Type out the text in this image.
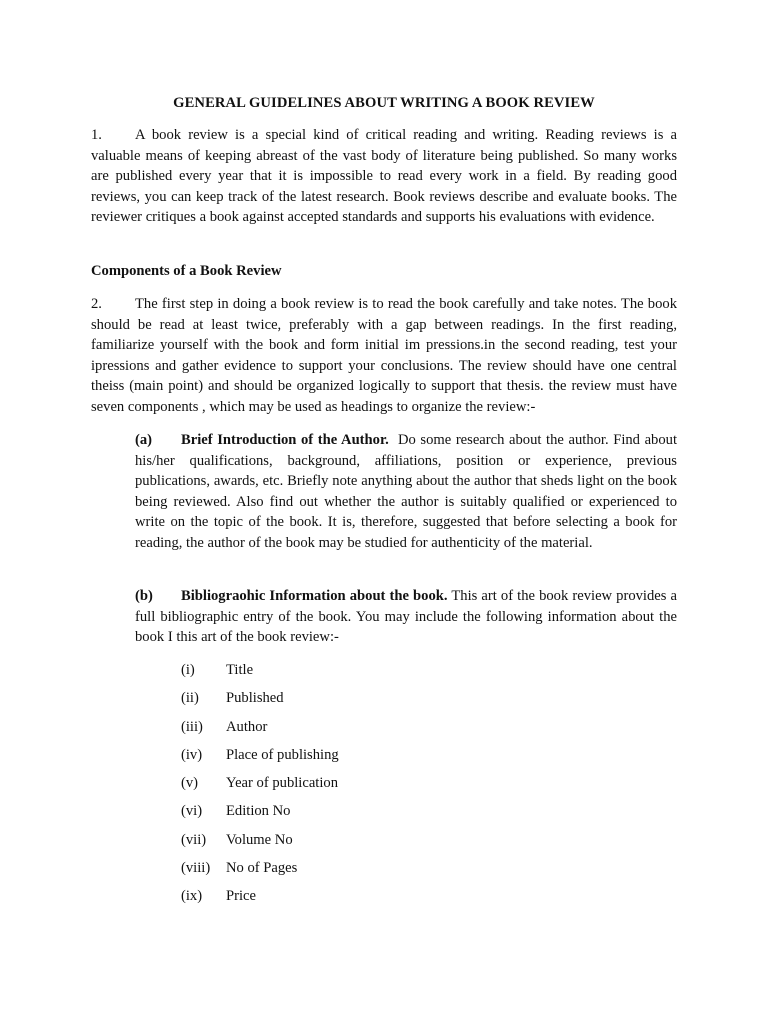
GENERAL GUIDELINES ABOUT WRITING A BOOK REVIEW

1. A book review is a special kind of critical reading and writing. Reading reviews is a valuable means of keeping abreast of the vast body of literature being published. So many works are published every year that it is impossible to read every work in a field. By reading good reviews, you can keep track of the latest research. Book reviews describe and evaluate books. The reviewer critiques a book against accepted standards and supports his evaluations with evidence.

Components of a Book Review

2. The first step in doing a book review is to read the book carefully and take notes. The book should be read at least twice, preferably with a gap between readings. In the first reading, familiarize yourself with the book and form initial im pressions.in the second reading, test your ipressions and gather evidence to support your conclusions. The review should have one central theiss (main point) and should be organized logically to support that thesis. the review must have seven components , which may be used as headings to organize the review:-

(a) Brief Introduction of the Author. Do some research about the author. Find about his/her qualifications, background, affiliations, position or experience, previous publications, awards, etc. Briefly note anything about the author that sheds light on the book being reviewed. Also find out whether the author is suitably qualified or experienced to write on the topic of the book. It is, therefore, suggested that before selecting a book for reading, the author of the book may be studied for authenticity of the material.

(b) Bibliograohic Information about the book. This art of the book review provides a full bibliographic entry of the book. You may include the following information about the book I this art of the book review:-

(i) Title
(ii) Published
(iii) Author
(iv) Place of publishing
(v) Year of publication
(vi) Edition No
(vii) Volume No
(viii) No of Pages
(ix) Price
